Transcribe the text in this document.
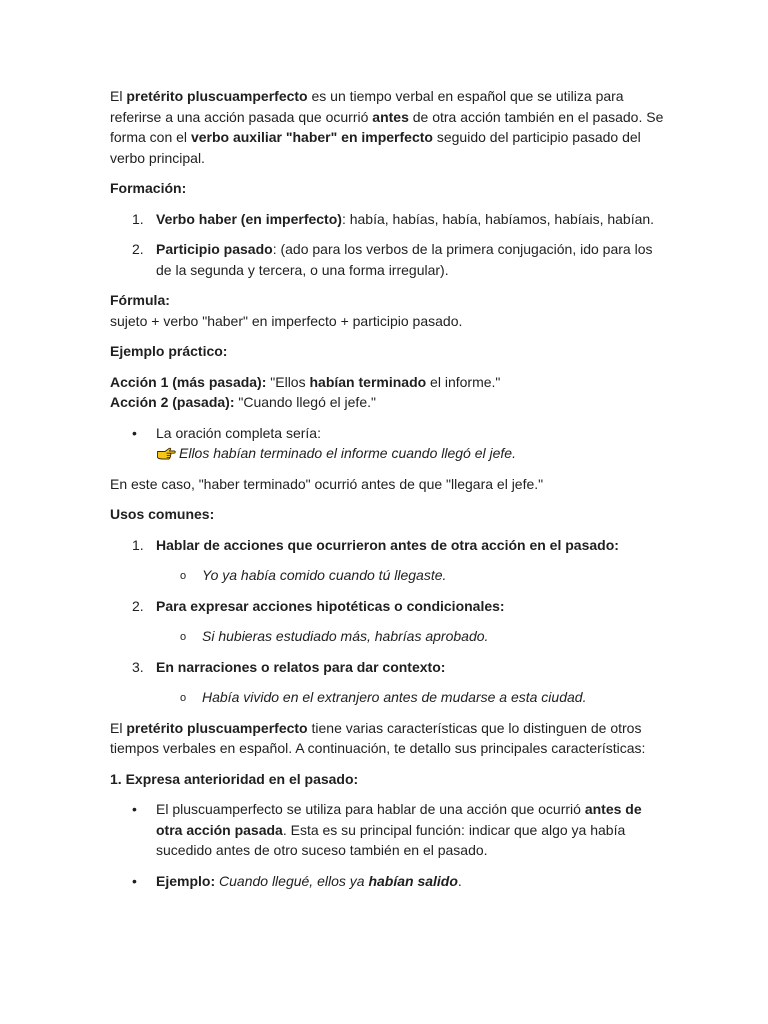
El pretérito pluscuamperfecto es un tiempo verbal en español que se utiliza para referirse a una acción pasada que ocurrió antes de otra acción también en el pasado. Se forma con el verbo auxiliar "haber" en imperfecto seguido del participio pasado del verbo principal.

Formación:

1. Verbo haber (en imperfecto): había, habías, había, habíamos, habíais, habían.
2. Participio pasado: (ado para los verbos de la primera conjugación, ido para los de la segunda y tercera, o una forma irregular).

Fórmula:

sujeto + verbo "haber" en imperfecto + participio pasado.

Ejemplo práctico:

Acción 1 (más pasada): "Ellos habían terminado el informe."

Acción 2 (pasada): "Cuando llegó el jefe."

• La oración completa sería:

Ellos habían terminado el informe cuando llegó el jefe.

En este caso, "haber terminado" ocurrió antes de que "llegara el jefe."

Usos comunes:

1. Hablar de acciones que ocurrieron antes de otra acción en el pasado:
o Yo ya había comido cuando tú llegaste.
2. Para expresar acciones hipotéticas o condicionales:
o Si hubieras estudiado más, habrías aprobado.
3. En narraciones o relatos para dar contexto:
o Había vivido en el extranjero antes de mudarse a esta ciudad.

El pretérito pluscuamperfecto tiene varias características que lo distinguen de otros tiempos verbales en español. A continuación, te detallo sus principales características:

1. Expresa anterioridad en el pasado:

• El pluscuamperfecto se utiliza para hablar de una acción que ocurrió antes de otra acción pasada. Esta es su principal función: indicar que algo ya había sucedido antes de otro suceso también en el pasado.
• Ejemplo: Cuando llegué, ellos ya habían salido.
